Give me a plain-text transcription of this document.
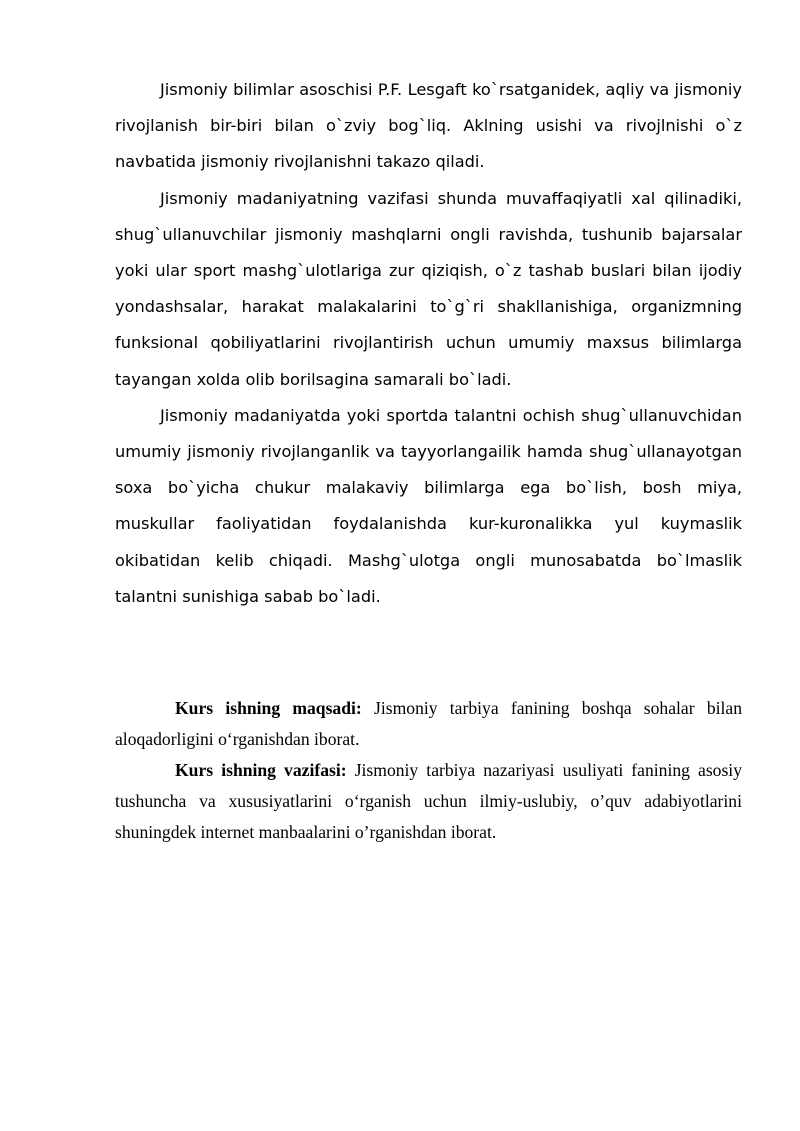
Jismoniy bilimlar asoschisi P.F. Lesgaft ko`rsatganidek, aqliy va jismoniy rivojlanish bir-biri bilan o`zviy bog`liq. Aklning usishi va rivojlnishi o`z navbatida jismoniy rivojlanishni takazo qiladi.

Jismoniy madaniyatning vazifasi shunda muvaffaqiyatli xal qilinadiki, shug`ullanuvchilar jismoniy mashqlarni ongli ravishda, tushunib bajarsalar yoki ular sport mashg`ulotlariga zur qiziqish, o`z tashab buslari bilan ijodiy yondashsalar, harakat malakalarini to`g`ri shakllanishiga, organizmning funksional qobiliyatlarini rivojlantirish uchun umumiy maxsus bilimlarga tayangan xolda olib borilsagina samarali bo`ladi.

Jismoniy madaniyatda yoki sportda talantni ochish shug`ullanuvchidan umumiy jismoniy rivojlanganlik va tayyorlangailik hamda shug`ullanayotgan soxa bo`yicha chukur malakaviy bilimlarga ega bo`lish, bosh miya, muskullar faoliyatidan foydalanishda kur-kuronalikka yul kuymaslik okibatidan kelib chiqadi. Mashg`ulotga ongli munosabatda bo`lmaslik talantni sunishiga sabab bo`ladi.

Kurs ishning maqsadi: Jismoniy tarbiya fanining boshqa sohalar bilan aloqadorligini o‘rganishdan iborat.

Kurs ishning vazifasi: Jismoniy tarbiya nazariyasi usuliyati fanining asosiy tushuncha va xususiyatlarini o‘rganish uchun ilmiy-uslubiy, o’quv adabiyotlarini shuningdek internet manbaalarini o’rganishdan iborat.
